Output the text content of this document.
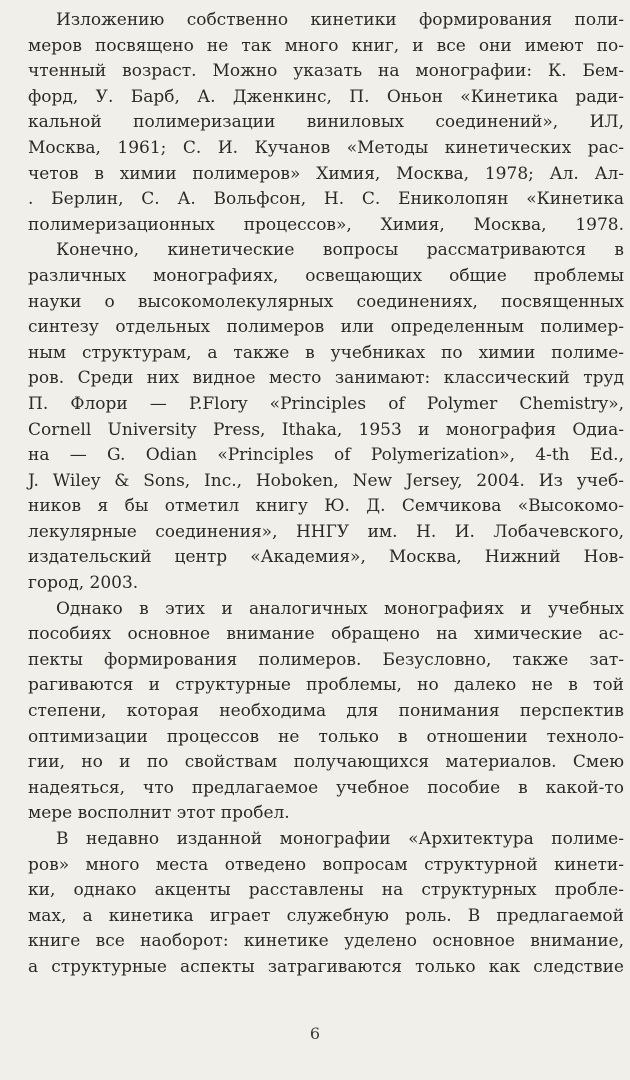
Изложению собственно кинетики формирования поли-
меров посвящено не так много книг, и все они имеют по-
чтенный возраст. Можно указать на монографии: К. Бем-
форд, У. Барб, А. Дженкинс, П. Оньон «Кинетика ради-
кальной полимеризации виниловых соединений», ИЛ,
Москва, 1961; С. И. Кучанов «Методы кинетических рас-
четов в химии полимеров» Химия, Москва, 1978; Ал. Ал-
. Берлин, С. А. Вольфсон, Н. С. Ениколопян «Кинетика
полимеризационных процессов», Химия, Москва, 1978.
Конечно, кинетические вопросы рассматриваются в
различных монографиях, освещающих общие проблемы
науки о высокомолекулярных соединениях, посвященных
синтезу отдельных полимеров или определенным полимер-
ным структурам, а также в учебниках по химии полиме-
ров. Среди них видное место занимают: классический труд
П. Флори — P.Flory «Principles of Polymer Chemistry»,
Cornell University Press, Ithaka, 1953 и монография Одиа-
на — G. Odian «Principles of Polymerization», 4-th Ed.,
J. Wiley & Sons, Inc., Hoboken, New Jersey, 2004. Из учеб-
ников я бы отметил книгу Ю. Д. Семчикова «Высокомо-
лекулярные соединения», ННГУ им. Н. И. Лобачевского,
издательский центр «Академия», Москва, Нижний Нов-
город, 2003.
Однако в этих и аналогичных монографиях и учебных
пособиях основное внимание обращено на химические ас-
пекты формирования полимеров. Безусловно, также зат-
рагиваются и структурные проблемы, но далеко не в той
степени, которая необходима для понимания перспектив
оптимизации процессов не только в отношении техноло-
гии, но и по свойствам получающихся материалов. Смею
надеяться, что предлагаемое учебное пособие в какой-то
мере восполнит этот пробел.
В недавно изданной монографии «Архитектура полиме-
ров» много места отведено вопросам структурной кинети-
ки, однако акценты расставлены на структурных пробле-
мах, а кинетика играет служебную роль. В предлагаемой
книге все наоборот: кинетике уделено основное внимание,
а структурные аспекты затрагиваются только как следствие
6
